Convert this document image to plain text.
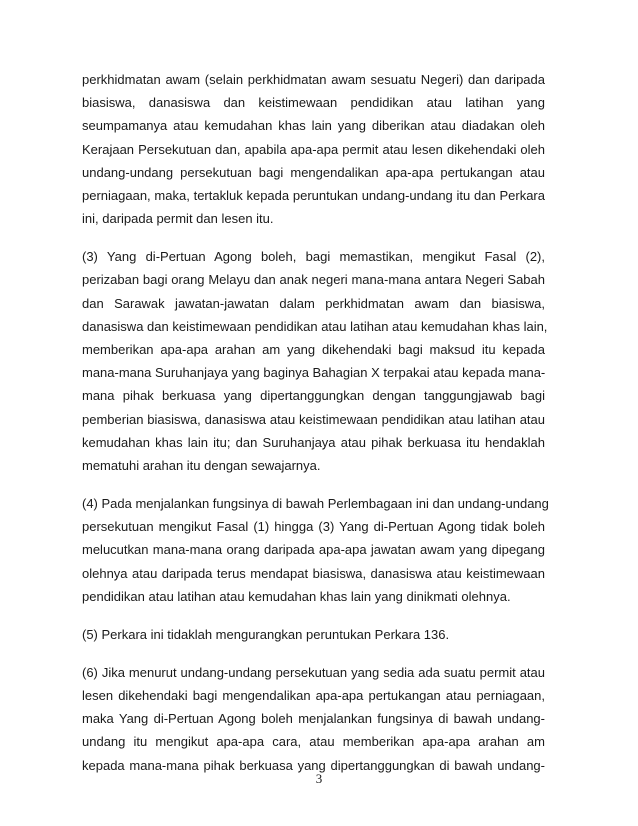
perkhidmatan awam (selain perkhidmatan awam sesuatu Negeri) dan daripada
biasiswa, danasiswa dan keistimewaan pendidikan atau latihan yang
seumpamanya atau kemudahan khas lain yang diberikan atau diadakan oleh
Kerajaan Persekutuan dan, apabila apa-apa permit atau lesen dikehendaki oleh
undang-undang persekutuan bagi mengendalikan apa-apa pertukangan atau
perniagaan, maka, tertakluk kepada peruntukan undang-undang itu dan Perkara
ini, daripada permit dan lesen itu.

(3) Yang di-Pertuan Agong boleh, bagi memastikan, mengikut Fasal (2),
perizaban bagi orang Melayu dan anak negeri mana-mana antara Negeri Sabah
dan Sarawak jawatan-jawatan dalam perkhidmatan awam dan biasiswa,
danasiswa dan keistimewaan pendidikan atau latihan atau kemudahan khas lain,
memberikan apa-apa arahan am yang dikehendaki bagi maksud itu kepada
mana-mana Suruhanjaya yang baginya Bahagian X terpakai atau kepada mana-
mana pihak berkuasa yang dipertanggungkan dengan tanggungjawab bagi
pemberian biasiswa, danasiswa atau keistimewaan pendidikan atau latihan atau
kemudahan khas lain itu; dan Suruhanjaya atau pihak berkuasa itu hendaklah
mematuhi arahan itu dengan sewajarnya.

(4) Pada menjalankan fungsinya di bawah Perlembagaan ini dan undang-undang
persekutuan mengikut Fasal (1) hingga (3) Yang di-Pertuan Agong tidak boleh
melucutkan mana-mana orang daripada apa-apa jawatan awam yang dipegang
olehnya atau daripada terus mendapat biasiswa, danasiswa atau keistimewaan
pendidikan atau latihan atau kemudahan khas lain yang dinikmati olehnya.

(5) Perkara ini tidaklah mengurangkan peruntukan Perkara 136.

(6) Jika menurut undang-undang persekutuan yang sedia ada suatu permit atau
lesen dikehendaki bagi mengendalikan apa-apa pertukangan atau perniagaan,
maka Yang di-Pertuan Agong boleh menjalankan fungsinya di bawah undang-
undang itu mengikut apa-apa cara, atau memberikan apa-apa arahan am
kepada mana-mana pihak berkuasa yang dipertanggungkan di bawah undang-

3
